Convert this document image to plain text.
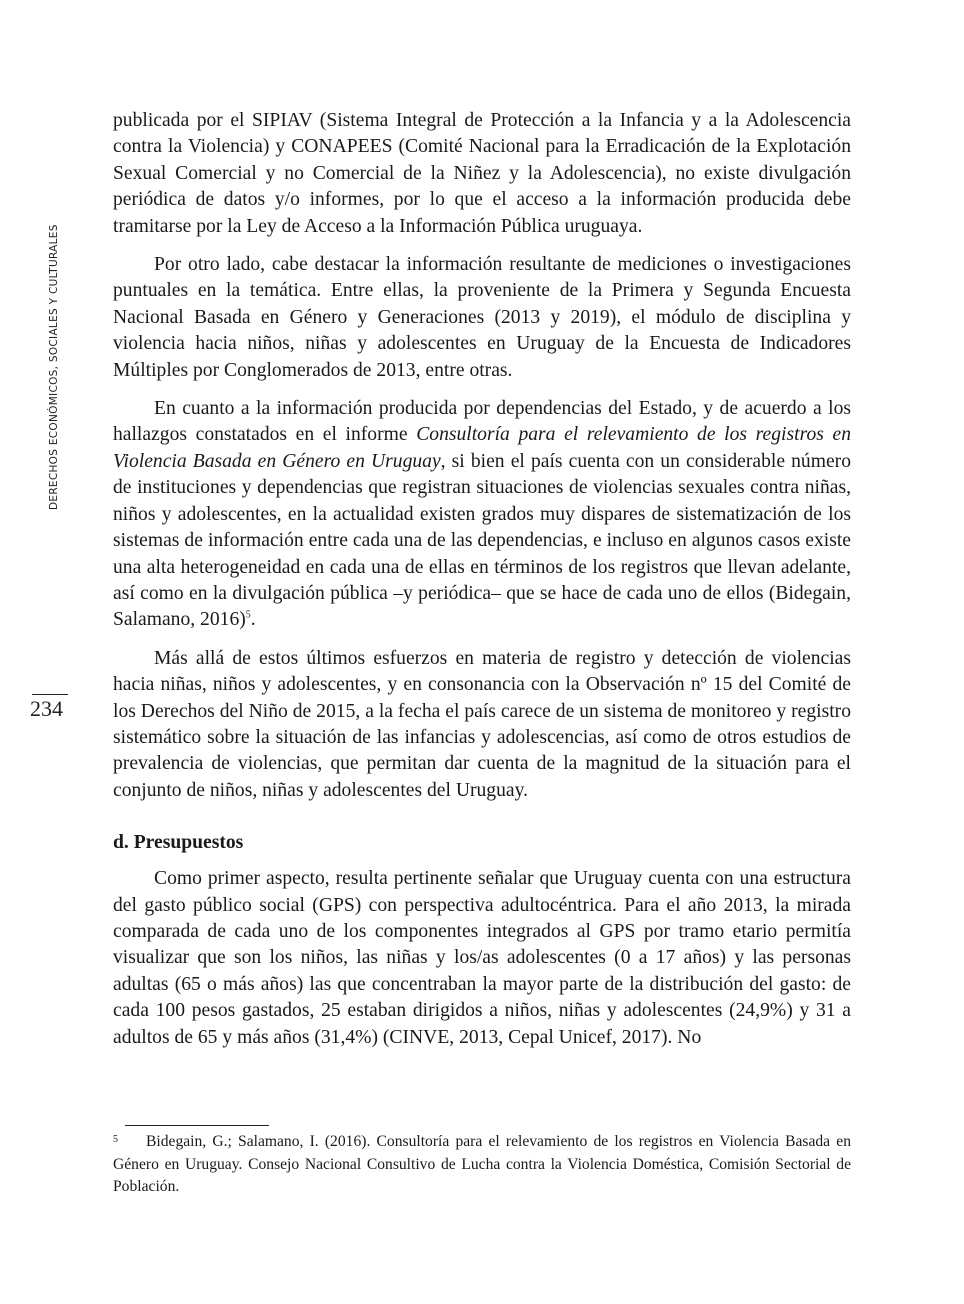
DERECHOS ECONÓMICOS, SOCIALES Y CULTURALES
234

publicada por el SIPIAV (Sistema Integral de Protección a la Infancia y a la Adolescencia contra la Violencia) y CONAPEES (Comité Nacional para la Erradicación de la Explotación Sexual Comercial y no Comercial de la Niñez y la Adolescencia), no existe divulgación periódica de datos y/o informes, por lo que el acceso a la información producida debe tramitarse por la Ley de Acceso a la Información Pública uruguaya.

Por otro lado, cabe destacar la información resultante de mediciones o investigaciones puntuales en la temática. Entre ellas, la proveniente de la Primera y Segunda Encuesta Nacional Basada en Género y Generaciones (2013 y 2019), el módulo de disciplina y violencia hacia niños, niñas y adolescentes en Uruguay de la Encuesta de Indicadores Múltiples por Conglomerados de 2013, entre otras.

En cuanto a la información producida por dependencias del Estado, y de acuerdo a los hallazgos constatados en el informe Consultoría para el relevamiento de los registros en Violencia Basada en Género en Uruguay, si bien el país cuenta con un considerable número de instituciones y dependencias que registran situaciones de violencias sexuales contra niñas, niños y adolescentes, en la actualidad existen grados muy dispares de sistematización de los sistemas de información entre cada una de las dependencias, e incluso en algunos casos existe una alta heterogeneidad en cada una de ellas en términos de los registros que llevan adelante, así como en la divulgación pública –y periódica– que se hace de cada uno de ellos (Bidegain, Salamano, 2016)$^5$.

Más allá de estos últimos esfuerzos en materia de registro y detección de violencias hacia niñas, niños y adolescentes, y en consonancia con la Observación nº 15 del Comité de los Derechos del Niño de 2015, a la fecha el país carece de un sistema de monitoreo y registro sistemático sobre la situación de las infancias y adolescencias, así como de otros estudios de prevalencia de violencias, que permitan dar cuenta de la magnitud de la situación para el conjunto de niños, niñas y adolescentes del Uruguay.

d. Presupuestos

Como primer aspecto, resulta pertinente señalar que Uruguay cuenta con una estructura del gasto público social (GPS) con perspectiva adultocéntrica. Para el año 2013, la mirada comparada de cada uno de los componentes integrados al GPS por tramo etario permitía visualizar que son los niños, las niñas y los/as adolescentes (0 a 17 años) y las personas adultas (65 o más años) las que concentraban la mayor parte de la distribución del gasto: de cada 100 pesos gastados, 25 estaban dirigidos a niños, niñas y adolescentes (24,9%) y 31 a adultos de 65 y más años (31,4%) (CINVE, 2013, Cepal Unicef, 2017). No

5 Bidegain, G.; Salamano, I. (2016). Consultoría para el relevamiento de los registros en Violencia Basada en Género en Uruguay. Consejo Nacional Consultivo de Lucha contra la Violencia Doméstica, Comisión Sectorial de Población.
